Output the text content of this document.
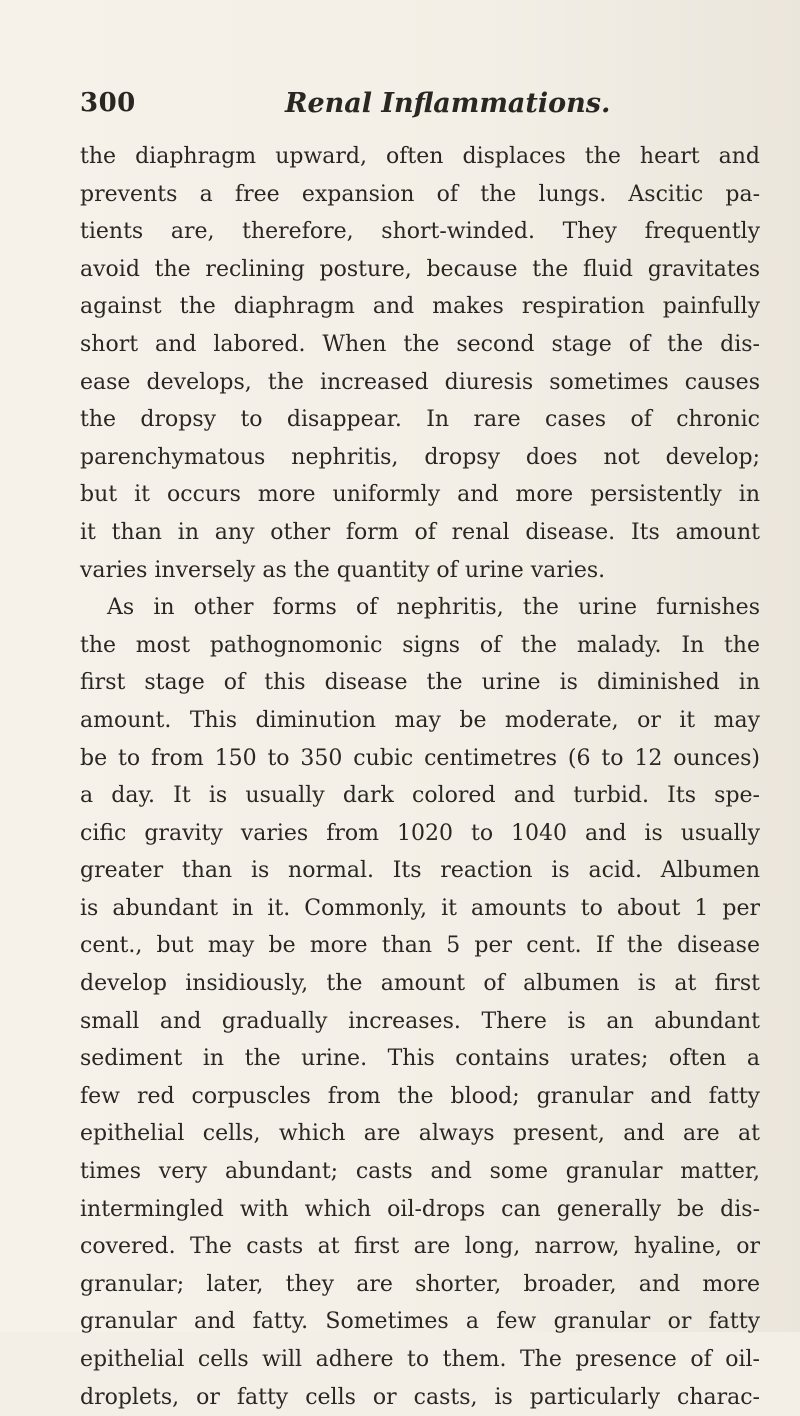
300	Renal Inflammations.
the diaphragm upward, often displaces the heart and
prevents a free expansion of the lungs. Ascitic pa-
tients are, therefore, short-winded. They frequently
avoid the reclining posture, because the fluid gravitates
against the diaphragm and makes respiration painfully
short and labored. When the second stage of the dis-
ease develops, the increased diuresis sometimes causes
the dropsy to disappear. In rare cases of chronic
parenchymatous nephritis, dropsy does not develop;
but it occurs more uniformly and more persistently in
it than in any other form of renal disease. Its amount
varies inversely as the quantity of urine varies.
As in other forms of nephritis, the urine furnishes
the most pathognomonic signs of the malady. In the
first stage of this disease the urine is diminished in
amount. This diminution may be moderate, or it may
be to from 150 to 350 cubic centimetres (6 to 12 ounces)
a day. It is usually dark colored and turbid. Its spe-
cific gravity varies from 1020 to 1040 and is usually
greater than is normal. Its reaction is acid. Albumen
is abundant in it. Commonly, it amounts to about 1 per
cent., but may be more than 5 per cent. If the disease
develop insidiously, the amount of albumen is at first
small and gradually increases. There is an abundant
sediment in the urine. This contains urates; often a
few red corpuscles from the blood; granular and fatty
epithelial cells, which are always present, and are at
times very abundant; casts and some granular matter,
intermingled with which oil-drops can generally be dis-
covered. The casts at first are long, narrow, hyaline, or
granular; later, they are shorter, broader, and more
granular and fatty. Sometimes a few granular or fatty
epithelial cells will adhere to them. The presence of oil-
droplets, or fatty cells or casts, is particularly charac-
